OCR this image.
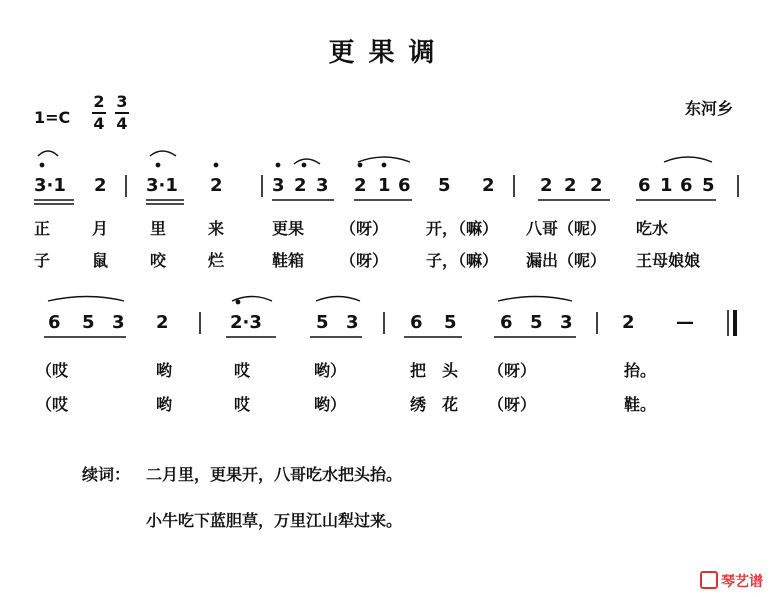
更果调
1=C
2
4
3
4
东河乡
3·1 2 3·1 2	3 2 3 2 1 6 5 2	2 2 2 6 1 6 5
正	月	里	来	更果 （呀） 开，（嘛） 八哥（呢） 吃水
子	鼠	咬	烂	鞋箱 （呀） 子，（嘛） 漏出（呢） 王母娘娘
6 5 3 2	2·3	5 3	6 5 6 5 3	2 —
（哎	哟	哎	哟）	把 头 （呀）	抬。
（哎	哟	哎	哟）	绣 花 （呀）	鞋。
续词： 二月里，更果开，八哥吃水把头抬。
小牛吃下蓝胆草，万里江山犁过来。
琴艺谱
